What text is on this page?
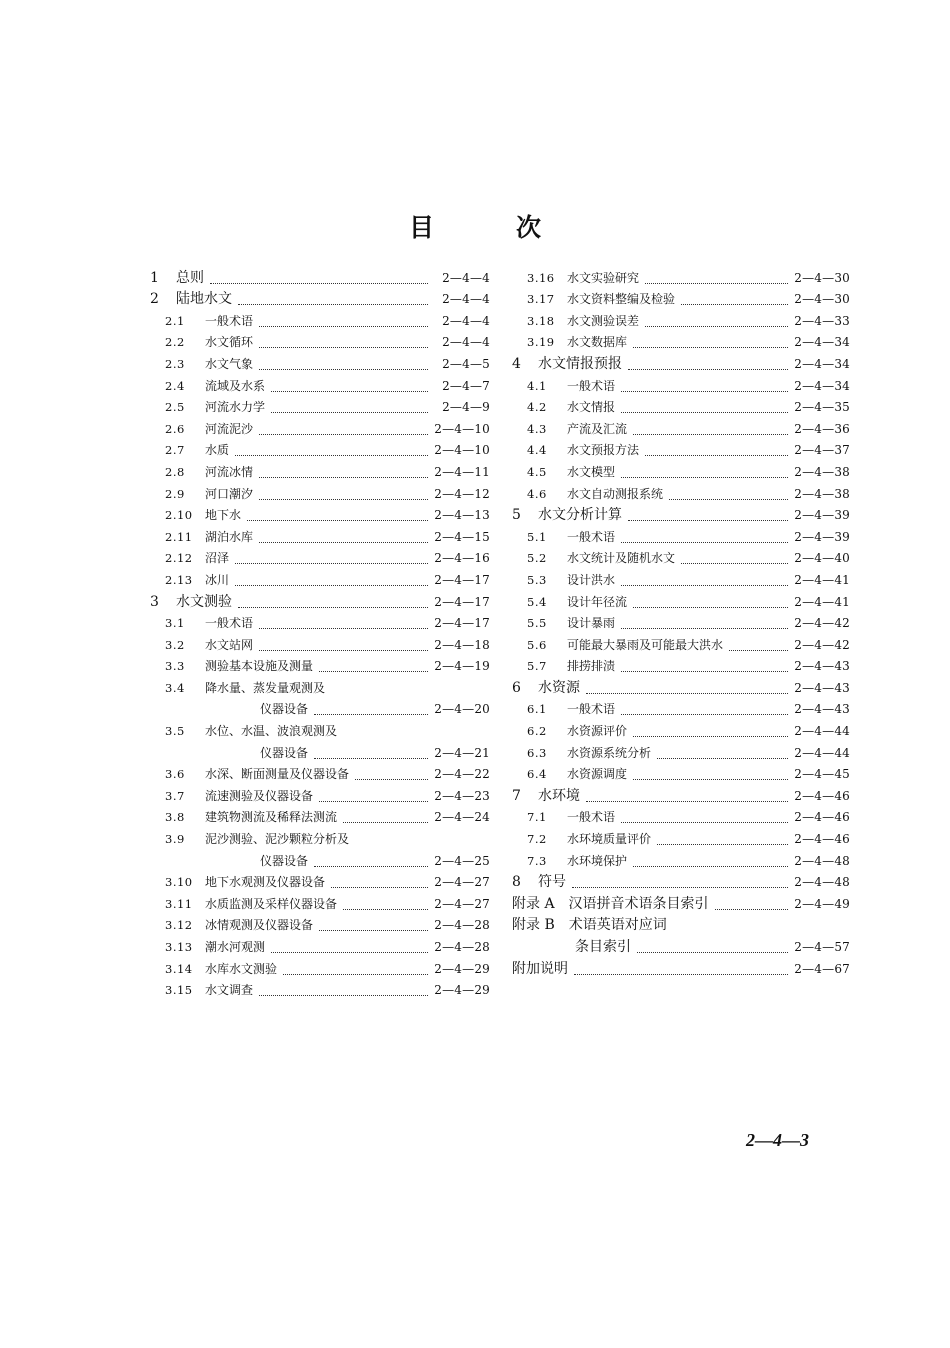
目	次
1	总则	2—4—4
2	陆地水文	2—4—4
2.1	一般术语	2—4—4
2.2	水文循环	2—4—4
2.3	水文气象	2—4—5
2.4	流域及水系	2—4—7
2.5	河流水力学	2—4—9
2.6	河流泥沙	2—4—10
2.7	水质	2—4—10
2.8	河流冰情	2—4—11
2.9	河口潮汐	2—4—12
2.10	地下水	2—4—13
2.11	湖泊水库	2—4—15
2.12	沼泽	2—4—16
2.13	冰川	2—4—17
3	水文测验	2—4—17
3.1	一般术语	2—4—17
3.2	水文站网	2—4—18
3.3	测验基本设施及测量	2—4—19
3.4	降水量、蒸发量观测及
仪器设备	2—4—20
3.5	水位、水温、波浪观测及
仪器设备	2—4—21
3.6	水深、断面测量及仪器设备	2—4—22
3.7	流速测验及仪器设备	2—4—23
3.8	建筑物测流及稀释法测流	2—4—24
3.9	泥沙测验、泥沙颗粒分析及
仪器设备	2—4—25
3.10	地下水观测及仪器设备	2—4—27
3.11	水质监测及采样仪器设备	2—4—27
3.12	冰情观测及仪器设备	2—4—28
3.13	潮水河观测	2—4—28
3.14	水库水文测验	2—4—29
3.15	水文调查	2—4—29
3.16	水文实验研究	2—4—30
3.17	水文资料整编及检验	2—4—30
3.18	水文测验误差	2—4—33
3.19	水文数据库	2—4—34
4	水文情报预报	2—4—34
4.1	一般术语	2—4—34
4.2	水文情报	2—4—35
4.3	产流及汇流	2—4—36
4.4	水文预报方法	2—4—37
4.5	水文模型	2—4—38
4.6	水文自动测报系统	2—4—38
5	水文分析计算	2—4—39
5.1	一般术语	2—4—39
5.2	水文统计及随机水文	2—4—40
5.3	设计洪水	2—4—41
5.4	设计年径流	2—4—41
5.5	设计暴雨	2—4—42
5.6	可能最大暴雨及可能最大洪水	2—4—42
5.7	排捞排渍	2—4—43
6	水资源	2—4—43
6.1	一般术语	2—4—43
6.2	水资源评价	2—4—44
6.3	水资源系统分析	2—4—44
6.4	水资源调度	2—4—45
7	水环境	2—4—46
7.1	一般术语	2—4—46
7.2	水环境质量评价	2—4—46
7.3	水环境保护	2—4—48
8	符号	2—4—48
附录 A　汉语拼音术语条目索引	2—4—49
附录 B　术语英语对应词
条目索引	2—4—57
附加说明	2—4—67
2—4—3
